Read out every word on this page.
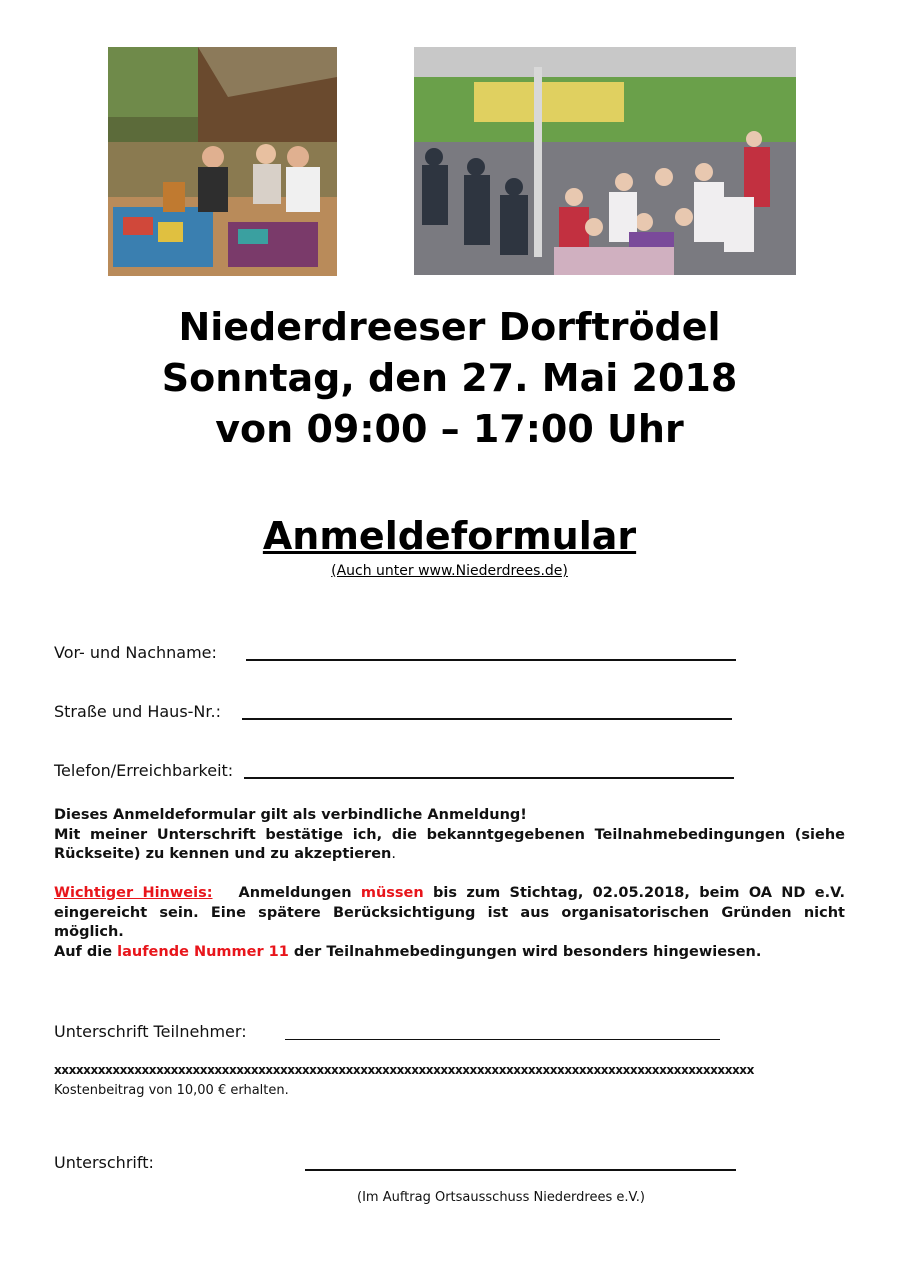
Niederdreeser Dorftrödel
Sonntag, den 27. Mai 2018
von 09:00 – 17:00 Uhr
Anmeldeformular
(Auch unter www.Niederdrees.de)
Vor- und Nachname:
Straße und Haus-Nr.:
Telefon/Erreichbarkeit:
Dieses Anmeldeformular gilt als verbindliche Anmeldung!
Mit meiner Unterschrift bestätige ich, die bekanntgegebenen Teilnahmebedingungen (siehe Rückseite) zu kennen und zu akzeptieren.
Wichtiger Hinweis: Anmeldungen müssen bis zum Stichtag, 02.05.2018, beim OA ND e.V. eingereicht sein. Eine spätere Berücksichtigung ist aus organisatorischen Gründen nicht möglich.
Auf die laufende Nummer 11 der Teilnahmebedingungen wird besonders hingewiesen.
Unterschrift Teilnehmer:
xxxxxxxxxxxxxxxxxxxxxxxxxxxxxxxxxxxxxxxxxxxxxxxxxxxxxxxxxxxxxxxxxxxxxxxxxxxxxxxxxxxxxxxxxxxxxxxx
Kostenbeitrag von 10,00 € erhalten.
Unterschrift:
(Im Auftrag Ortsausschuss Niederdrees e.V.)
